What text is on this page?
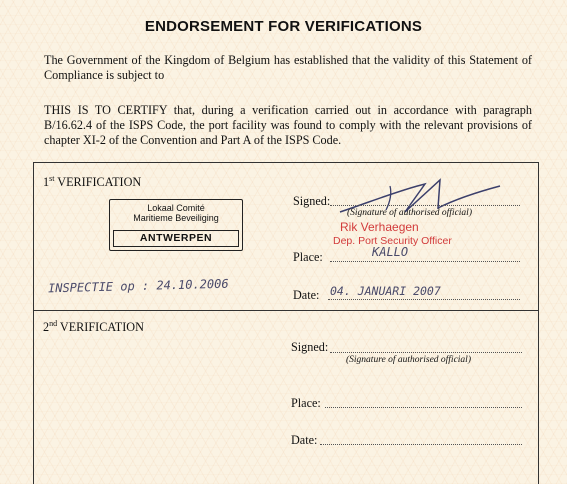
ENDORSEMENT FOR VERIFICATIONS
The Government of the Kingdom of Belgium has established that the validity of this Statement of Compliance is subject to
THIS IS TO CERTIFY that, during a verification carried out in accordance with paragraph B/16.62.4 of the ISPS Code, the port facility was found to comply with the relevant provisions of chapter XI-2 of the Convention and Part A of the ISPS Code.
1st VERIFICATION
Lokaal Comité
Maritieme Beveiliging
ANTWERPEN
INSPECTIE op : 24.10.2006
Signed:
(Signature of authorised official)
Rik Verhaegen
Dep. Port Security Officer
Place:	KALLO
Date: 04. JANUARI 2007
2nd VERIFICATION
Signed:
(Signature of authorised official)
Place:
Date:
